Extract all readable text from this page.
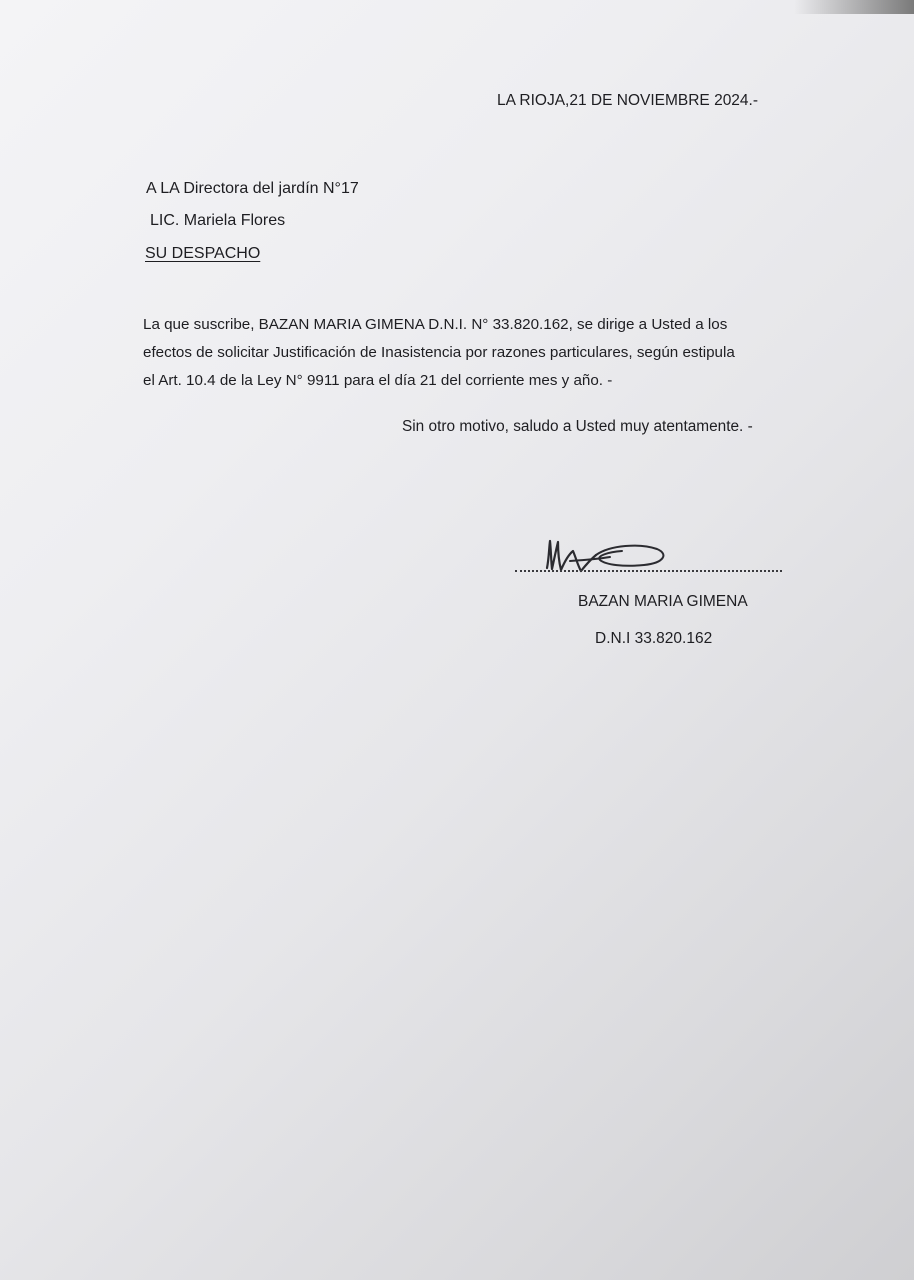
LA RIOJA,21 DE NOVIEMBRE 2024.-
A LA Directora del jardín N°17
LIC. Mariela Flores
SU DESPACHO
La que suscribe, BAZAN MARIA GIMENA D.N.I. N° 33.820.162, se dirige a Usted a los
efectos de solicitar Justificación de Inasistencia por razones particulares, según estipula
el Art. 10.4 de la Ley N° 9911 para el día 21 del corriente mes y año. -
Sin otro motivo, saludo a Usted muy atentamente. -
BAZAN MARIA GIMENA
D.N.I 33.820.162
